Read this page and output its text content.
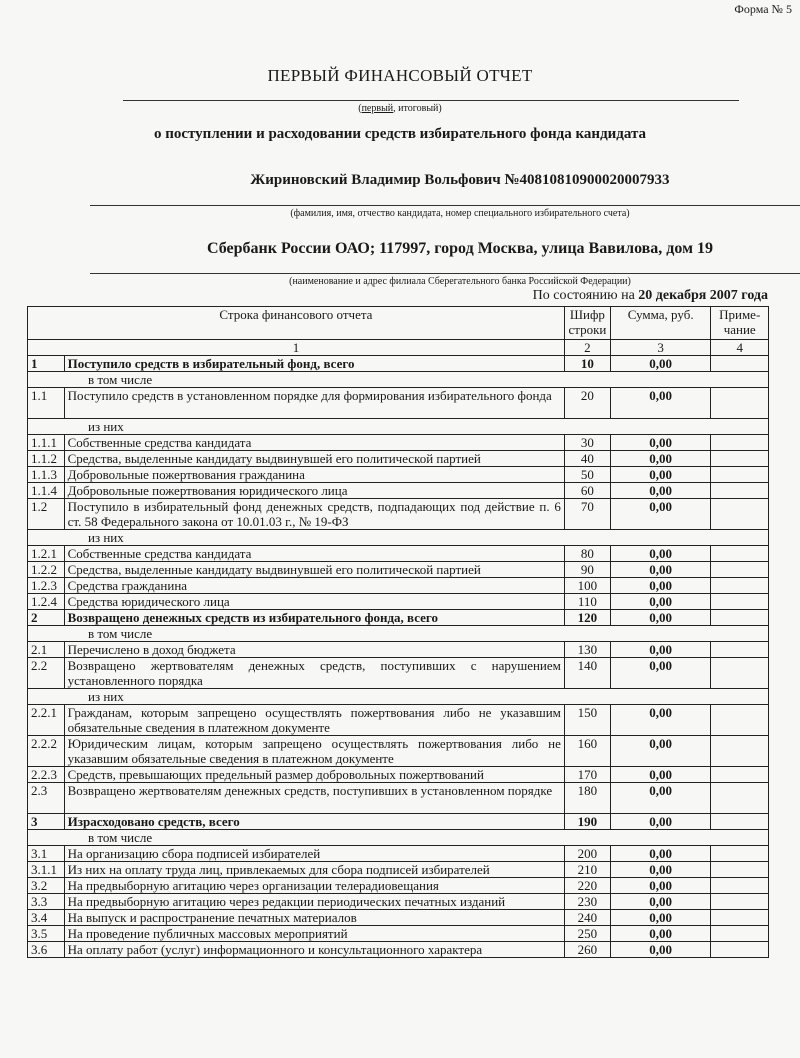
Форма № 5
ПЕРВЫЙ ФИНАНСОВЫЙ ОТЧЕТ
(первый, итоговый)
о поступлении и расходовании средств избирательного фонда кандидата
Жириновский Владимир Вольфович №40810810900020007933
(фамилия, имя, отчество кандидата, номер специального избирательного счета)
Сбербанк России ОАО; 117997, город Москва, улица Вавилова, дом 19
(наименование и адрес филиала Сберегательного банка Российской Федерации)
По состоянию на 20 декабря 2007 года
Строка финансового отчета		Шифр строки	Сумма, руб.	Приме-чание
1		2	3	4
1	Поступило средств в избирательный фонд, всего	10	0,00	
в том числе				
1.1	Поступило средств в установленном порядке для формирования избирательного фонда	20	0,00	
из них				
1.1.1	Собственные средства кандидата	30	0,00	
1.1.2	Средства, выделенные кандидату выдвинувшей его политической партией	40	0,00	
1.1.3	Добровольные пожертвования гражданина	50	0,00	
1.1.4	Добровольные пожертвования юридического лица	60	0,00	
1.2	Поступило в избирательный фонд денежных средств, подпадающих под действие п. 6 ст. 58 Федерального закона от 10.01.03 г., № 19-ФЗ	70	0,00	
из них				
1.2.1	Собственные средства кандидата	80	0,00	
1.2.2	Средства, выделенные кандидату выдвинувшей его политической партией	90	0,00	
1.2.3	Средства гражданина	100	0,00	
1.2.4	Средства юридического лица	110	0,00	
2	Возвращено денежных средств из избирательного фонда, всего	120	0,00	
в том числе				
2.1	Перечислено в доход бюджета	130	0,00	
2.2	Возвращено жертвователям денежных средств, поступивших с нарушением установленного порядка	140	0,00	
из них				
2.2.1	Гражданам, которым запрещено осуществлять пожертвования либо не указавшим обязательные сведения в платежном документе	150	0,00	
2.2.2	Юридическим лицам, которым запрещено осуществлять пожертвования либо не указавшим обязательные сведения в платежном документе	160	0,00	
2.2.3	Средств, превышающих предельный размер добровольных пожертвований	170	0,00	
2.3	Возвращено жертвователям денежных средств, поступивших в установленном порядке	180	0,00	
3	Израсходовано средств, всего	190	0,00	
в том числе				
3.1	На организацию сбора подписей избирателей	200	0,00	
3.1.1	Из них на оплату труда лиц, привлекаемых для сбора подписей избирателей	210	0,00	
3.2	На предвыборную агитацию через организации телерадиовещания	220	0,00	
3.3	На предвыборную агитацию через редакции периодических печатных изданий	230	0,00	
3.4	На выпуск и распространение печатных материалов	240	0,00	
3.5	На проведение публичных массовых мероприятий	250	0,00	
3.6	На оплату работ (услуг) информационного и консультационного характера	260	0,00	
